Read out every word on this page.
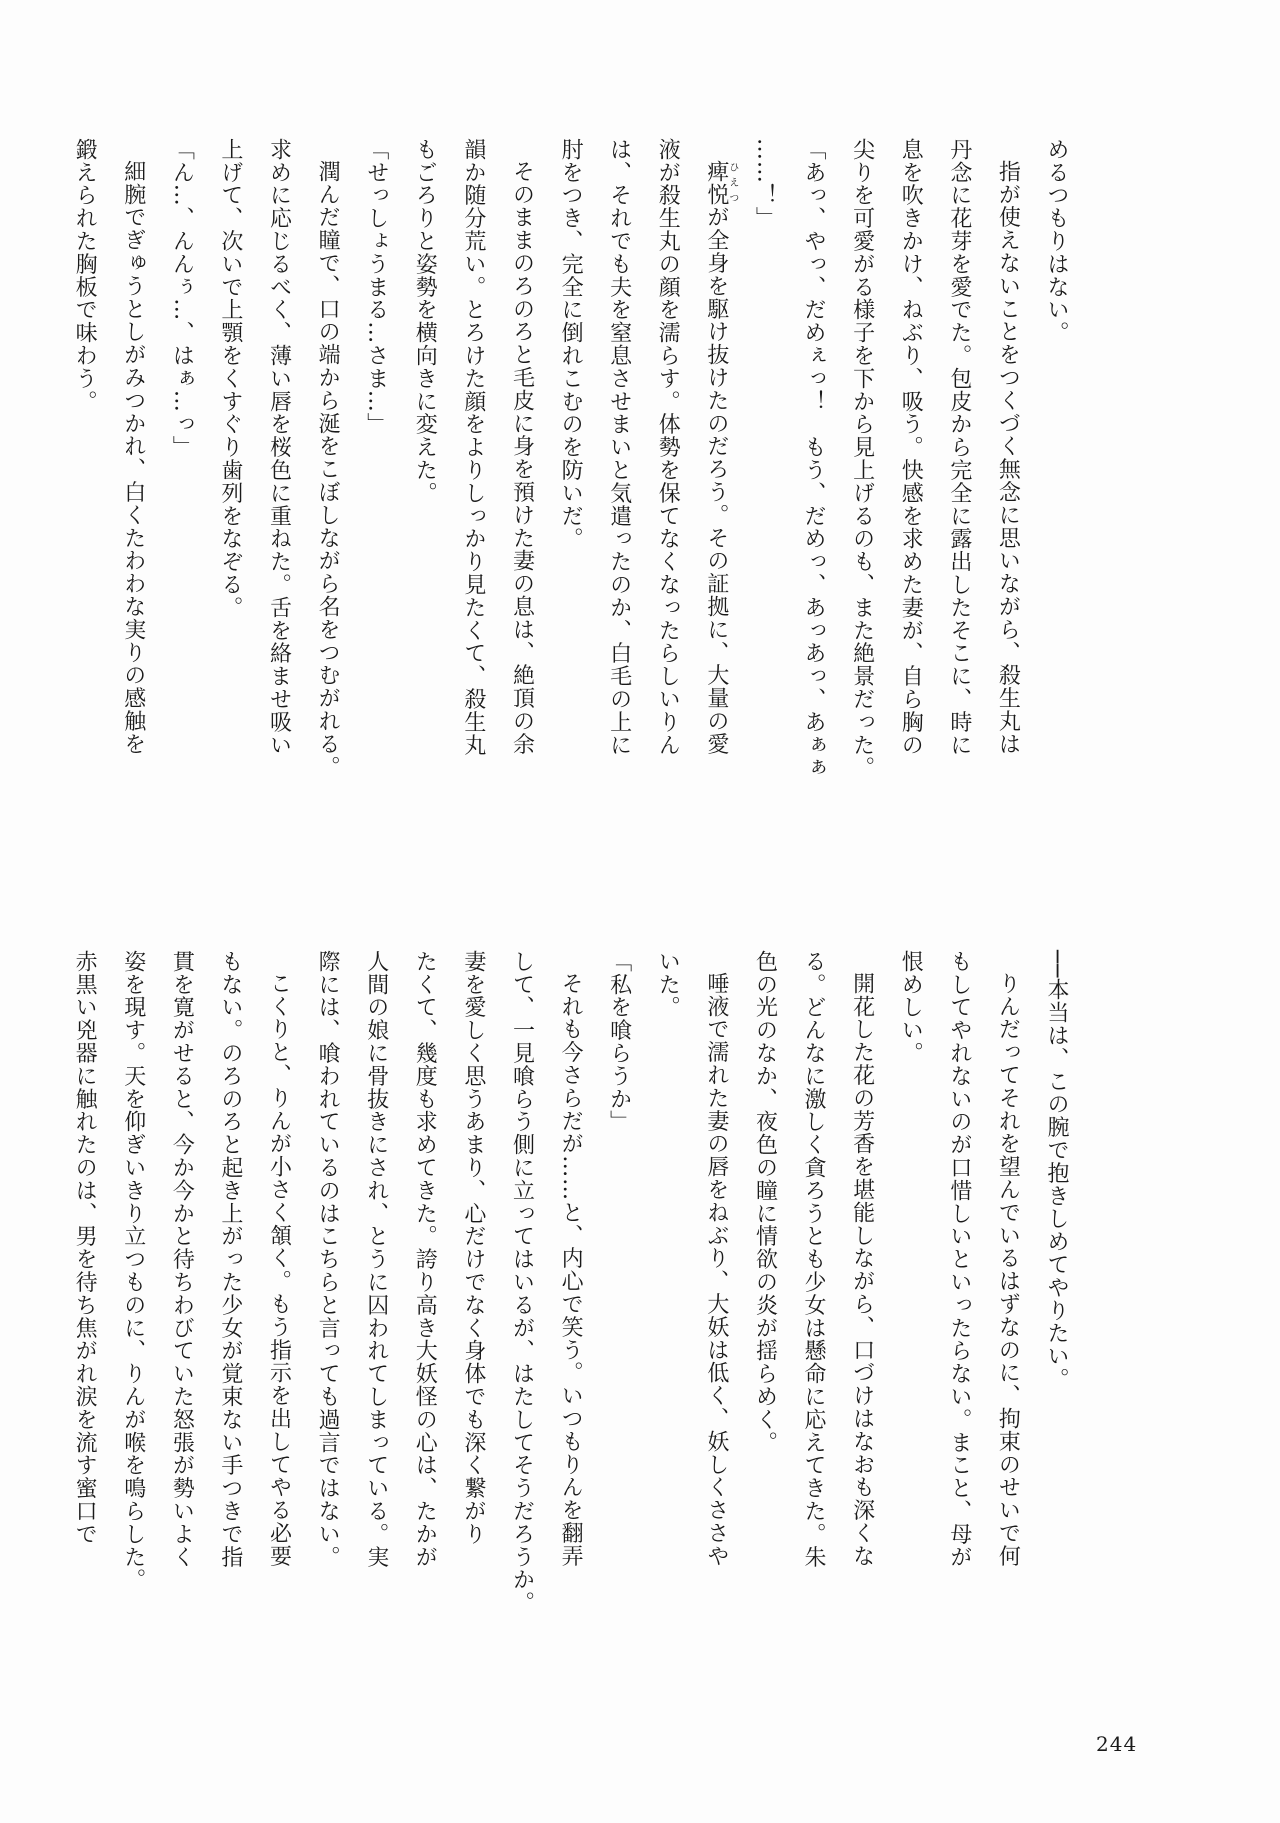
めるつもりはない。
指が使えないことをつくづく無念に思いながら、殺生丸は
丹念に花芽を愛でた。包皮から完全に露出したそこに、時に
息を吹きかけ、ねぶり、吸う。快感を求めた妻が、自ら胸の
尖りを可愛がる様子を下から見上げるのも、また絶景だった。
「あっ、やっ、だめぇっ！　もう、だめっ、あっあっ、あぁぁ
……！」
痺悦ひえつが全身を駆け抜けたのだろう。その証拠に、大量の愛
液が殺生丸の顔を濡らす。体勢を保てなくなったらしいりん
は、それでも夫を窒息させまいと気遣ったのか、白毛の上に
肘をつき、完全に倒れこむのを防いだ。
そのままのろのろと毛皮に身を預けた妻の息は、絶頂の余
韻か随分荒い。とろけた顔をよりしっかり見たくて、殺生丸
もごろりと姿勢を横向きに変えた。
「せっしょうまる…さま…」
潤んだ瞳で、口の端から涎をこぼしながら名をつむがれる。
求めに応じるべく、薄い唇を桜色に重ねた。舌を絡ませ吸い
上げて、次いで上顎をくすぐり歯列をなぞる。
「ん…、んんぅ…、はぁ…っ」
細腕でぎゅうとしがみつかれ、白くたわわな実りの感触を
鍛えられた胸板で味わう。
──本当は、この腕で抱きしめてやりたい。
りんだってそれを望んでいるはずなのに、拘束のせいで何
もしてやれないのが口惜しいといったらない。まこと、母が
恨めしい。
開花した花の芳香を堪能しながら、口づけはなおも深くな
る。どんなに激しく貪ろうとも少女は懸命に応えてきた。朱
色の光のなか、夜色の瞳に情欲の炎が揺らめく。
唾液で濡れた妻の唇をねぶり、大妖は低く、妖しくささや
いた。
「私を喰らうか」
それも今さらだが……と、内心で笑う。いつもりんを翻弄
して、一見喰らう側に立ってはいるが、はたしてそうだろうか。
妻を愛しく思うあまり、心だけでなく身体でも深く繋がり
たくて、幾度も求めてきた。誇り高き大妖怪の心は、たかが
人間の娘に骨抜きにされ、とうに囚われてしまっている。実
際には、喰われているのはこちらと言っても過言ではない。
こくりと、りんが小さく頷く。もう指示を出してやる必要
もない。のろのろと起き上がった少女が覚束ない手つきで指
貫を寛がせると、今か今かと待ちわびていた怒張が勢いよく
姿を現す。天を仰ぎいきり立つものに、りんが喉を鳴らした。
赤黒い兇器に触れたのは、男を待ち焦がれ涙を流す蜜口で
244
